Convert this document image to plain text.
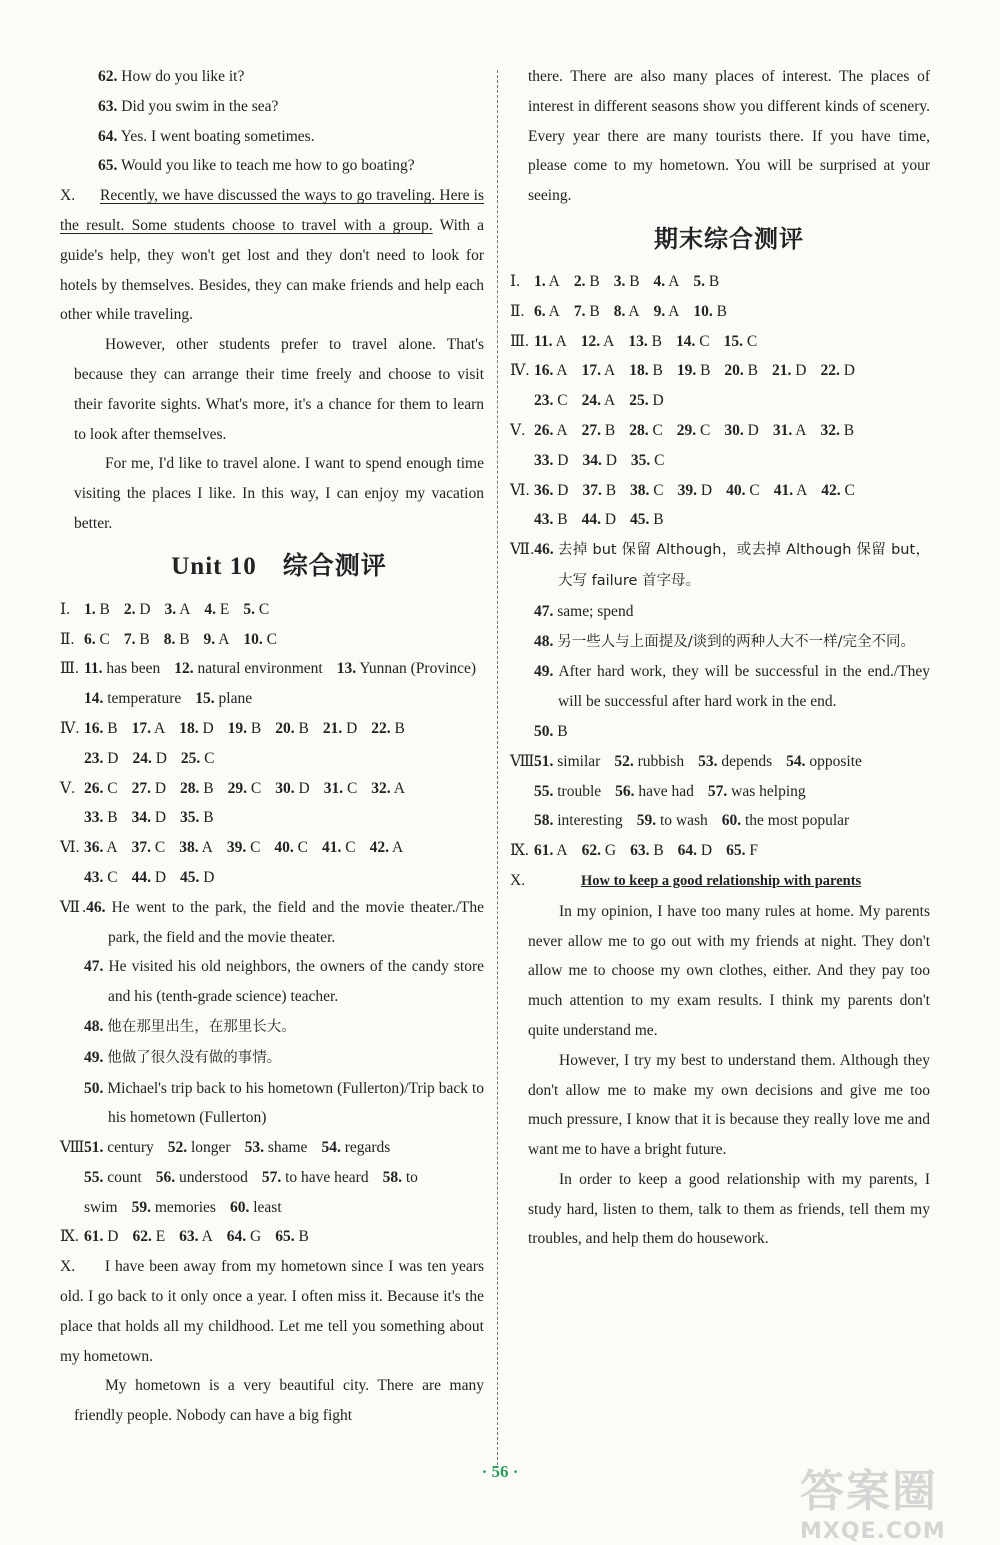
62. How do you like it?
63. Did you swim in the sea?
64. Yes. I went boating sometimes.
65. Would you like to teach me how to go boating?
X. Recently, we have discussed the ways to go traveling. Here is the result. Some students choose to travel with a group. With a guide's help, they won't get lost and they don't need to look for hotels by themselves. Besides, they can make friends and help each other while traveling.
However, other students prefer to travel alone. That's because they can arrange their time freely and choose to visit their favorite sights. What's more, it's a chance for them to learn to look after themselves.
For me, I'd like to travel alone. I want to spend enough time visiting the places I like. In this way, I can enjoy my vacation better.
Unit 10　综合测评
Ⅰ. 1. B 2. D 3. A 4. E 5. C
Ⅱ. 6. C 7. B 8. B 9. A 10. C
Ⅲ. 11. has been 12. natural environment 13. Yunnan (Province)
14. temperature 15. plane
Ⅳ. 16. B 17. A 18. D 19. B 20. B 21. D 22. B
23. D 24. D 25. C
Ⅴ. 26. C 27. D 28. B 29. C 30. D 31. C 32. A
33. B 34. D 35. B
Ⅵ. 36. A 37. C 38. A 39. C 40. C 41. C 42. A
43. C 44. D 45. D
Ⅶ.46. He went to the park, the field and the movie theater./The park, the field and the movie theater.
47. He visited his old neighbors, the owners of the candy store and his (tenth-grade science) teacher.
48. 他在那里出生，在那里长大。
49. 他做了很久没有做的事情。
50. Michael's trip back to his hometown (Fullerton)/Trip back to his hometown (Fullerton)
Ⅷ.51. century 52. longer 53. shame 54. regards
55. count 56. understood 57. to have heard 58. to
swim 59. memories 60. least
Ⅸ. 61. D 62. E 63. A 64. G 65. B
X. I have been away from my hometown since I was ten years old. I go back to it only once a year. I often miss it. Because it's the place that holds all my childhood. Let me tell you something about my hometown.
My hometown is a very beautiful city. There are many friendly people. Nobody can have a big fight
there. There are also many places of interest. The places of interest in different seasons show you different kinds of scenery. Every year there are many tourists there. If you have time, please come to my hometown. You will be surprised at your seeing.
期末综合测评
Ⅰ. 1. A 2. B 3. B 4. A 5. B
Ⅱ. 6. A 7. B 8. A 9. A 10. B
Ⅲ. 11. A 12. A 13. B 14. C 15. C
Ⅳ. 16. A 17. A 18. B 19. B 20. B 21. D 22. D
23. C 24. A 25. D
Ⅴ. 26. A 27. B 28. C 29. C 30. D 31. A 32. B
33. D 34. D 35. C
Ⅵ. 36. D 37. B 38. C 39. D 40. C 41. A 42. C
43. B 44. D 45. B
Ⅶ.46. 去掉 but 保留 Although，或去掉 Although 保留 but，大写 failure 首字母。
47. same; spend
48. 另一些人与上面提及/谈到的两种人大不一样/完全不同。
49. After hard work, they will be successful in the end./They will be successful after hard work in the end.
50. B
Ⅷ.51. similar 52. rubbish 53. depends 54. opposite
55. trouble 56. have had 57. was helping
58. interesting 59. to wash 60. the most popular
Ⅸ. 61. A 62. G 63. B 64. D 65. F
X.	How to keep a good relationship with parents
In my opinion, I have too many rules at home. My parents never allow me to go out with my friends at night. They don't allow me to choose my own clothes, either. And they pay too much attention to my exam results. I think my parents don't quite understand me.
However, I try my best to understand them. Although they don't allow me to make my own decisions and give me too much pressure, I know that it is because they really love me and want me to have a bright future.
In order to keep a good relationship with my parents, I study hard, listen to them, talk to them as friends, tell them my troubles, and help them do housework.
· 56 ·	答案圈
MXQE.COM
